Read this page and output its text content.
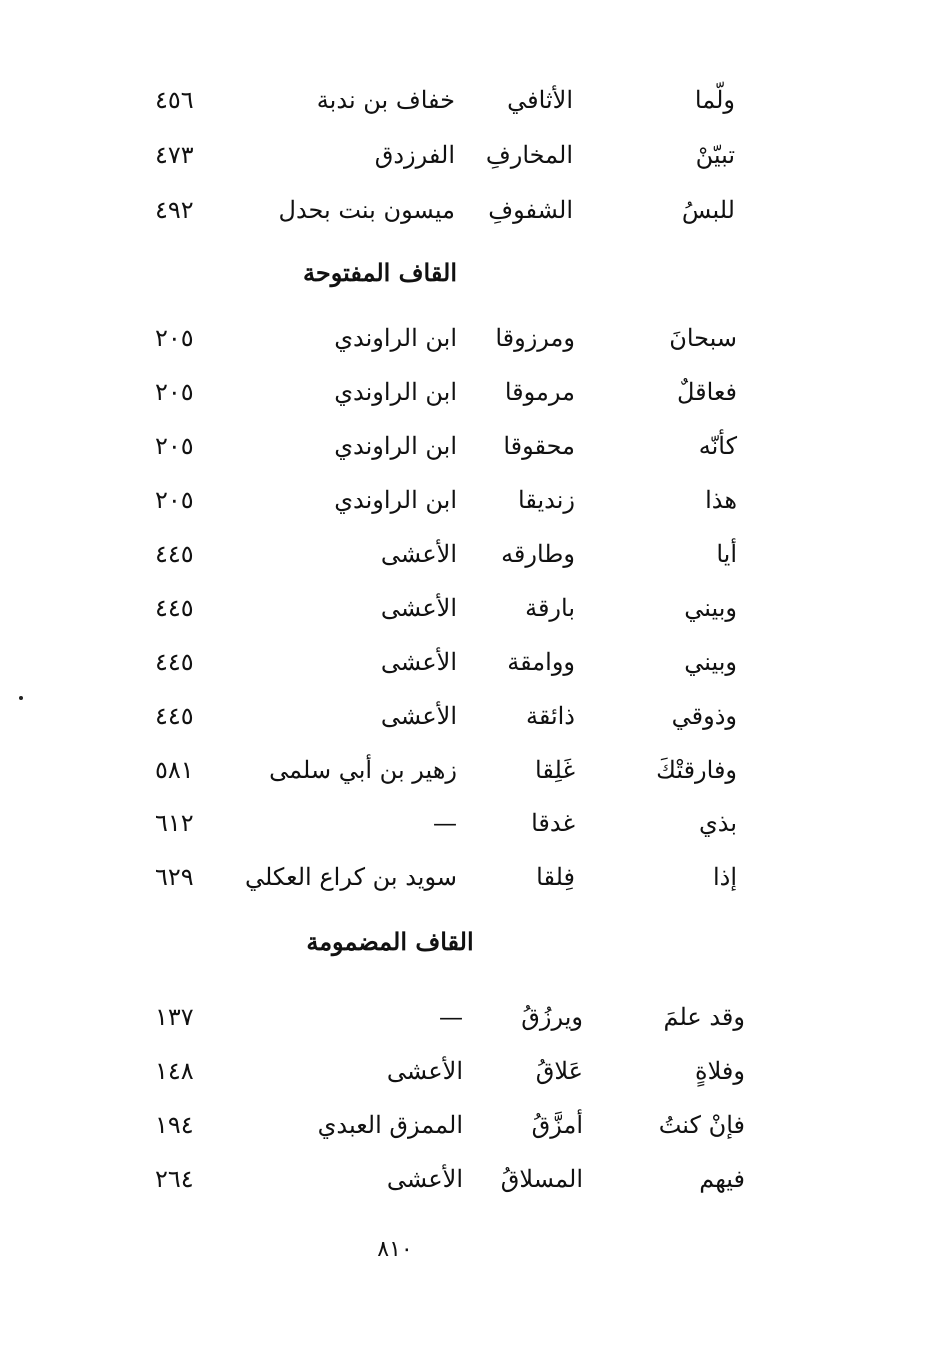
٨١٠
ولّما
الأثافي
خفاف بن ندبة
٤٥٦
تبيّنْ
المخارفِ
الفرزدق
٤٧٣
للبسُ
الشفوفِ
ميسون بنت بحدل
٤٩٢
سبحانَ
ومرزوقا
ابن الراوندي
٢٠٥
فعاقلٌ
مرموقا
ابن الراوندي
٢٠٥
كأنّه
محقوقا
ابن الراوندي
٢٠٥
هذا
زنديقا
ابن الراوندي
٢٠٥
أيا
وطارقه
الأعشى
٤٤٥
وبيني
بارقة
الأعشى
٤٤٥
وبيني
ووامقة
الأعشى
٤٤٥
وذوقي
ذائقة
الأعشى
٤٤٥
وفارقتْكَ
غَلِقا
زهير بن أبي سلمى
٥٨١
بذي
غدقا
—
٦١٢
إذا
فِلقا
سويد بن كراع العكلي
٦٢٩
وقد علمَ
ويرزُقُ
—
١٣٧
وفلاةٍ
عَلاقُ
الأعشى
١٤٨
فإنْ كنتُ
أمزَّقُ
الممزق العبدي
١٩٤
فيهم
المسلاقُ
الأعشى
٢٦٤
القاف المفتوحة
القاف المضمومة
